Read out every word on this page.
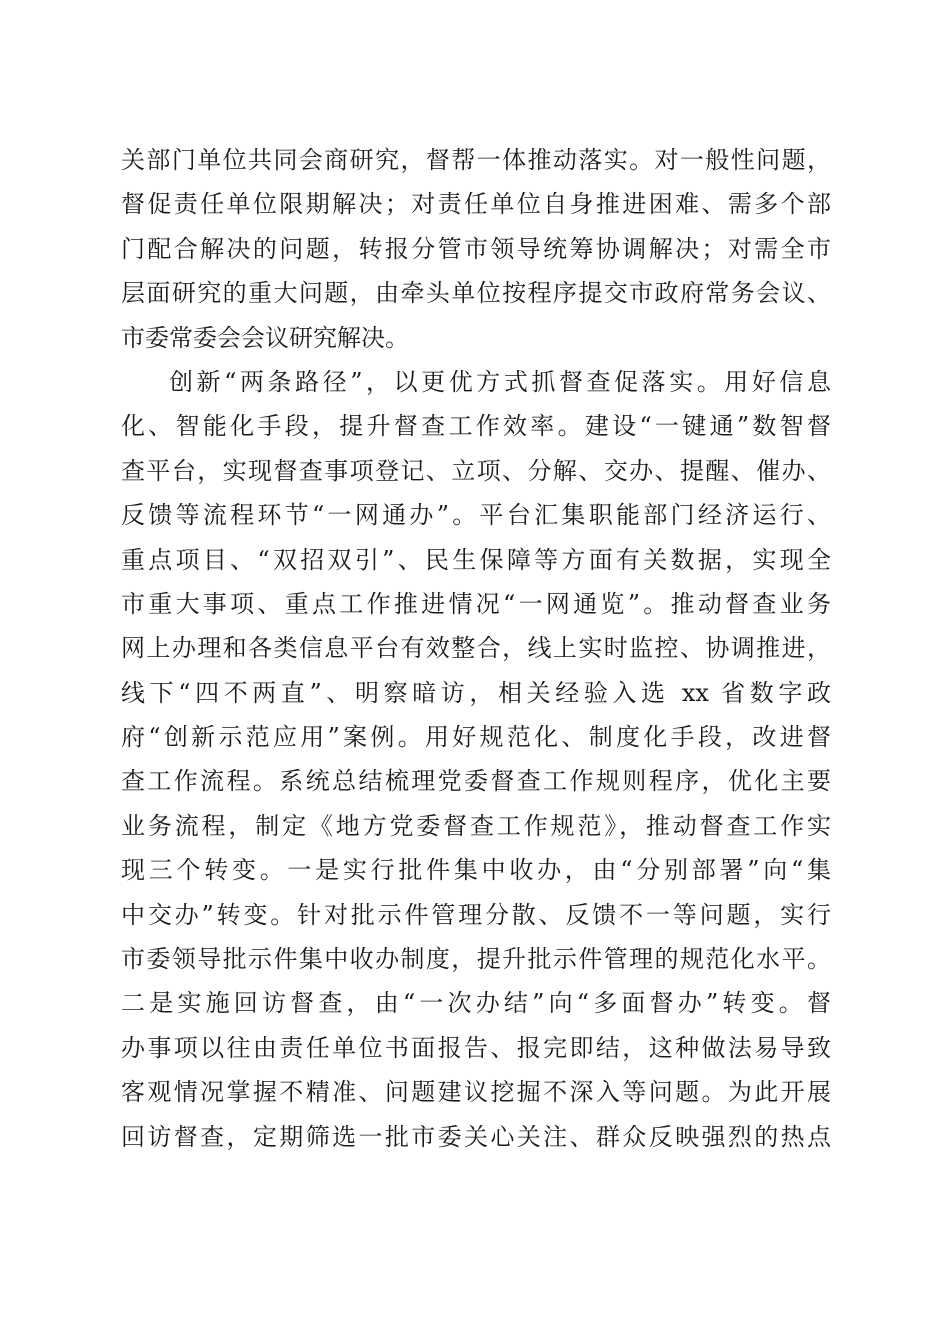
关部门单位共同会商研究，督帮一体推动落实。对一般性问题，
督促责任单位限期解决；对责任单位自身推进困难、需多个部
门配合解决的问题，转报分管市领导统筹协调解决；对需全市
层面研究的重大问题，由牵头单位按程序提交市政府常务会议、
市委常委会会议研究解决。
创新“两条路径”，以更优方式抓督查促落实。用好信息
化、智能化手段，提升督查工作效率。建设“一键通”数智督
查平台，实现督查事项登记、立项、分解、交办、提醒、催办、
反馈等流程环节“一网通办”。平台汇集职能部门经济运行、
重点项目、“双招双引”、民生保障等方面有关数据，实现全
市重大事项、重点工作推进情况“一网通览”。推动督查业务
网上办理和各类信息平台有效整合，线上实时监控、协调推进，
线下“四不两直”、明察暗访，相关经验入选 xx 省数字政
府“创新示范应用”案例。用好规范化、制度化手段，改进督
查工作流程。系统总结梳理党委督查工作规则程序，优化主要
业务流程，制定《地方党委督查工作规范》，推动督查工作实
现三个转变。一是实行批件集中收办，由“分别部署”向“集
中交办”转变。针对批示件管理分散、反馈不一等问题，实行
市委领导批示件集中收办制度，提升批示件管理的规范化水平。
二是实施回访督查，由“一次办结”向“多面督办”转变。督
办事项以往由责任单位书面报告、报完即结，这种做法易导致
客观情况掌握不精准、问题建议挖掘不深入等问题。为此开展
回访督查，定期筛选一批市委关心关注、群众反映强烈的热点
